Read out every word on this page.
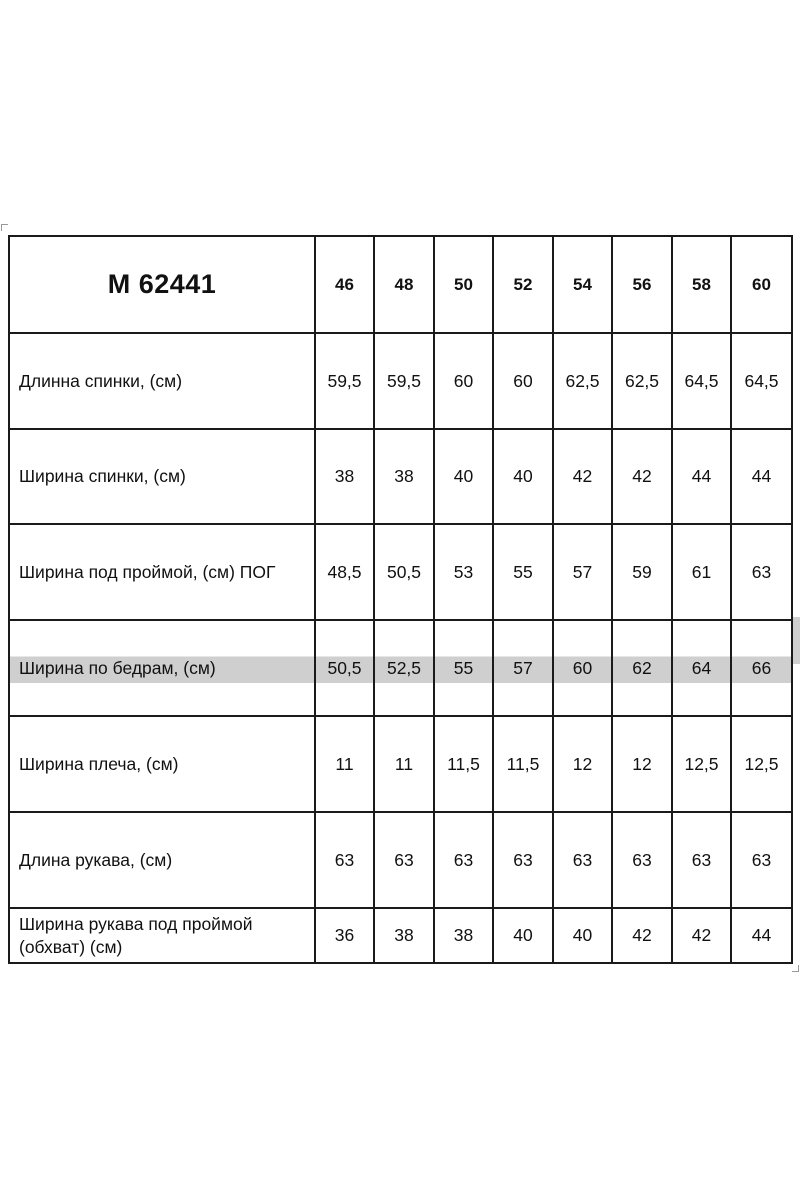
М 62441	46	48	50	52	54	56	58	60
Длинна спинки, (см)	59,5	59,5	60	60	62,5	62,5	64,5	64,5
Ширина спинки, (см)	38	38	40	40	42	42	44	44
Ширина под проймой, (см) ПОГ	48,5	50,5	53	55	57	59	61	63
Ширина по бедрам, (см)	50,5	52,5	55	57	60	62	64	66
Ширина плеча, (см)	11	11	11,5	11,5	12	12	12,5	12,5
Длина рукава, (см)	63	63	63	63	63	63	63	63
Ширина рукава под проймой (обхват) (см)	36	38	38	40	40	42	42	44
